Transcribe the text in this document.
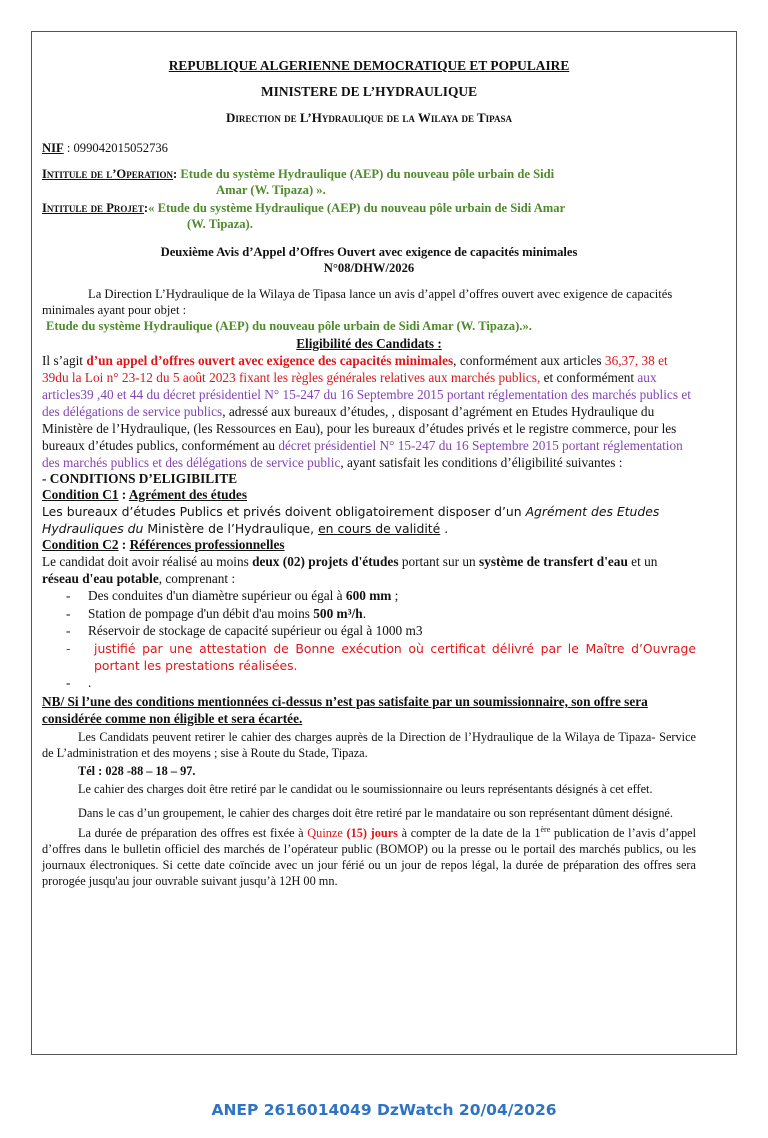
REPUBLIQUE ALGERIENNE DEMOCRATIQUE ET POPULAIRE
MINISTERE DE L’HYDRAULIQUE
Direction de L’Hydraulique de la Wilaya de Tipasa
NIF : 099042015052736
Intitule de l’Operation: Etude du système Hydraulique (AEP) du nouveau pôle urbain de Sidi
Amar (W. Tipaza) ».
Intitule de Projet:« Etude du système Hydraulique (AEP) du nouveau pôle urbain de Sidi Amar
(W. Tipaza).
Deuxième Avis d’Appel d’Offres Ouvert avec exigence de capacités minimales
N°08/DHW/2026
La Direction L’Hydraulique de la Wilaya de Tipasa lance un avis d’appel d’offres ouvert avec exigence de capacités minimales ayant pour objet :
Etude du système Hydraulique (AEP) du nouveau pôle urbain de Sidi Amar (W. Tipaza).».
Eligibilité des Candidats :
Il s’agit d’un appel d’offres ouvert avec exigence des capacités minimales, conformément aux articles 36,37, 38 et 39du la Loi n° 23-12 du 5 août 2023 fixant les règles générales relatives aux marchés publics, et conformément aux articles39 ,40 et 44 du décret présidentiel N° 15-247 du 16 Septembre 2015 portant réglementation des marchés publics et des délégations de service publics, adressé aux bureaux d’études, , disposant d’agrément en Etudes Hydraulique du Ministère de l’Hydraulique, (les Ressources en Eau), pour les bureaux d’études privés et le registre commerce, pour les bureaux d’études publics, conformément au décret présidentiel N° 15-247 du 16 Septembre 2015 portant réglementation des marchés publics et des délégations de service public, ayant satisfait les conditions d’éligibilité suivantes :
- CONDITIONS D’ELIGIBILITE
Condition C1 : Agrément des études
Les bureaux d’études Publics et privés doivent obligatoirement disposer d’un Agrément des Etudes Hydrauliques du Ministère de l’Hydraulique, en cours de validité .
Condition C2 : Références professionnelles
Le candidat doit avoir réalisé au moins deux (02) projets d'études portant sur un système de transfert d'eau et un réseau d'eau potable, comprenant :
- Des conduites d'un diamètre supérieur ou égal à 600 mm ;
- Station de pompage d'un débit d'au moins 500 m³/h.
- Réservoir de stockage de capacité supérieur ou égal à 1000 m3
- justifié par une attestation de Bonne exécution où certificat délivré par le Maître d’Ouvrage portant les prestations réalisées.
- .
NB/ Si l’une des conditions mentionnées ci-dessus n’est pas satisfaite par un soumissionnaire, son offre sera considérée comme non éligible et sera écartée.
Les Candidats peuvent retirer le cahier des charges auprès de la Direction de l’Hydraulique de la Wilaya de Tipaza- Service de L’administration et des moyens ; sise à Route du Stade, Tipaza.
Tél : 028 -88 – 18 – 97.
Le cahier des charges doit être retiré par le candidat ou le soumissionnaire ou leurs représentants désignés à cet effet.
Dans le cas d’un groupement, le cahier des charges doit être retiré par le mandataire ou son représentant dûment désigné.
La durée de préparation des offres est fixée à Quinze (15) jours à compter de la date de la 1ère publication de l’avis d’appel d’offres dans le bulletin officiel des marchés de l’opérateur public (BOMOP) ou la presse ou le portail des marchés publics, ou les journaux électroniques. Si cette date coïncide avec un jour férié ou un jour de repos légal, la durée de préparation des offres sera prorogée jusqu'au jour ouvrable suivant jusqu’à 12H 00 mn.
ANEP 2616014049 DzWatch 20/04/2026
